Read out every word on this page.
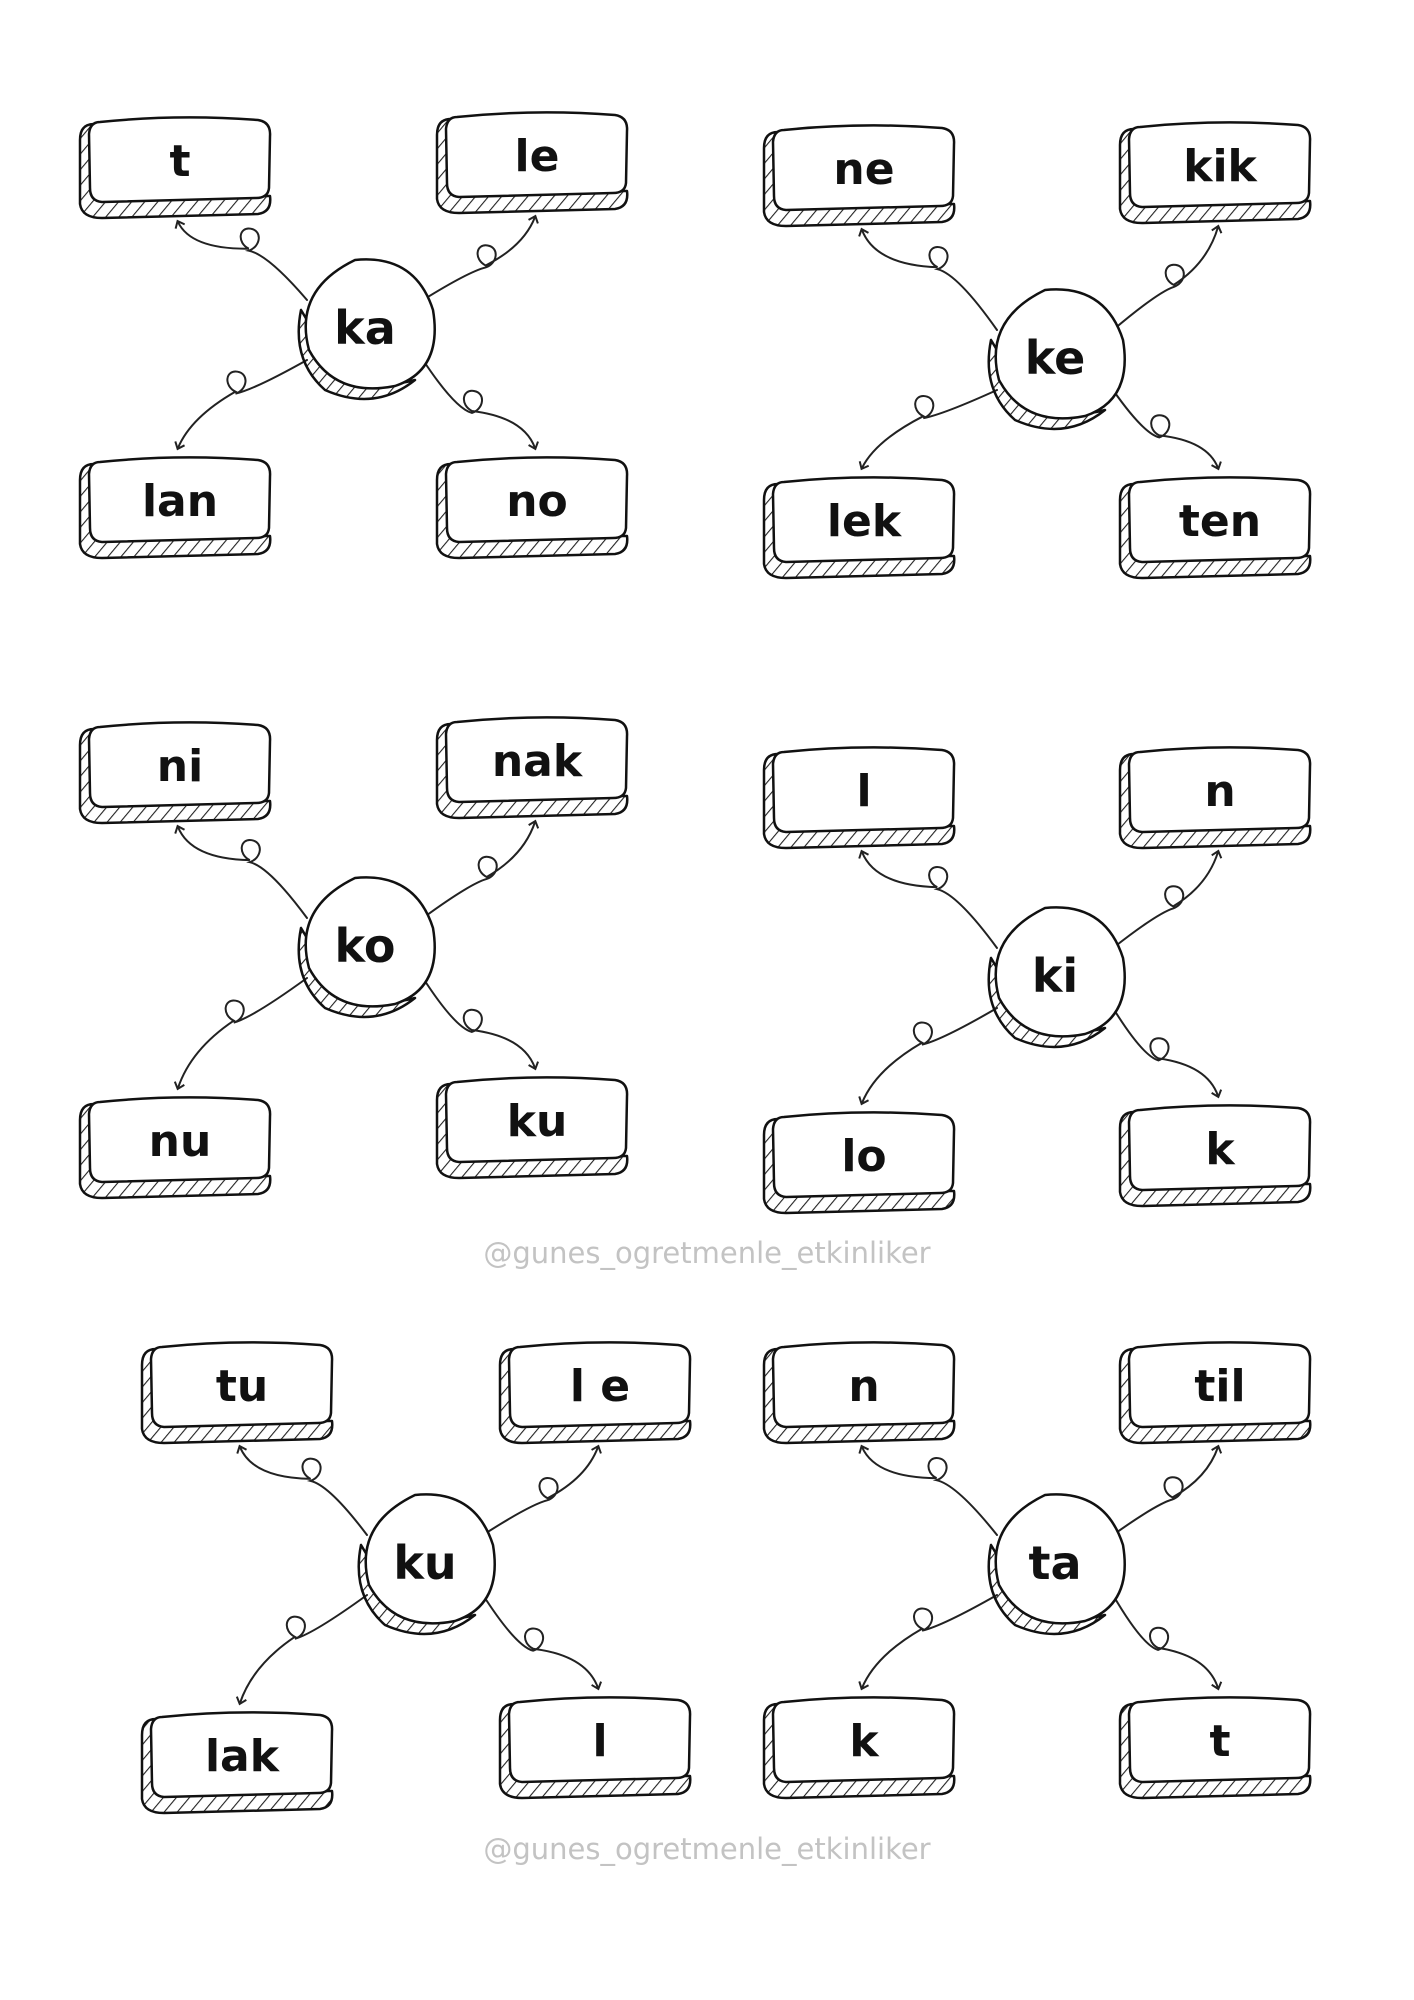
ka
t	le
lan	no
ke
ne	kik
lek	ten
ko
ni	nak
nu	ku
ki
l	n
lo	k
ku
tu	l e
lak	l
ta
n	til
k	t
@gunes_ogretmenle_etkinliker
@gunes_ogretmenle_etkinliker
